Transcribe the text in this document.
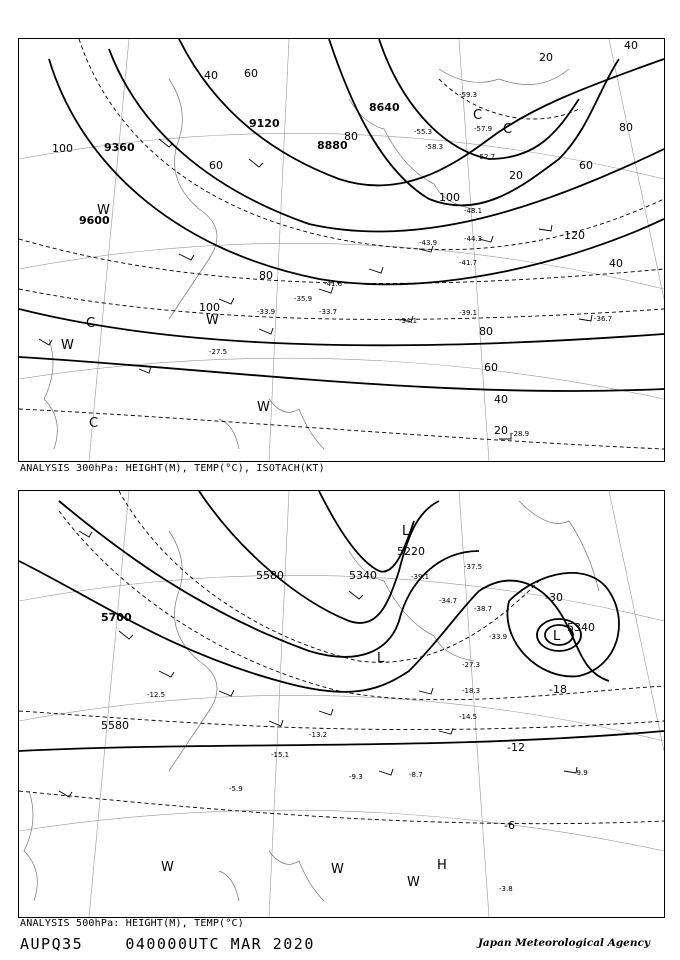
9600
9360
9120
8880
8640
100
80
60
40
20
40
60
80
100
120
80
60
40
20
20
40
60
80
100
W
W
C
C
W
W
C
C
-59.3
-55.3
-58.3
-57.9
-52.7
-48.1
-44.3
-43.9
-41.7
-41.6
-34.1
-39.1
-36.7
-33.9
-27.5
-28.9
-33.7
-35.9
ANALYSIS 300hPa: HEIGHT(M), TEMP(°C), ISOTACH(KT)
5700
5580
5580
5340
5220
5340
-30
-18
-12
-6
L
L
L
W	W
W
H
-37.5
-39.1
-38.7
-34.7
-33.9
-27.3
-18.3
-14.5
-9.3	-8.7	-9.9
-3.8
-12.5
-13.2
-15.1
-5.9
ANALYSIS 500hPa: HEIGHT(M), TEMP(°C)
AUPQ35	040000UTC MAR 2020	Japan Meteorological Agency
